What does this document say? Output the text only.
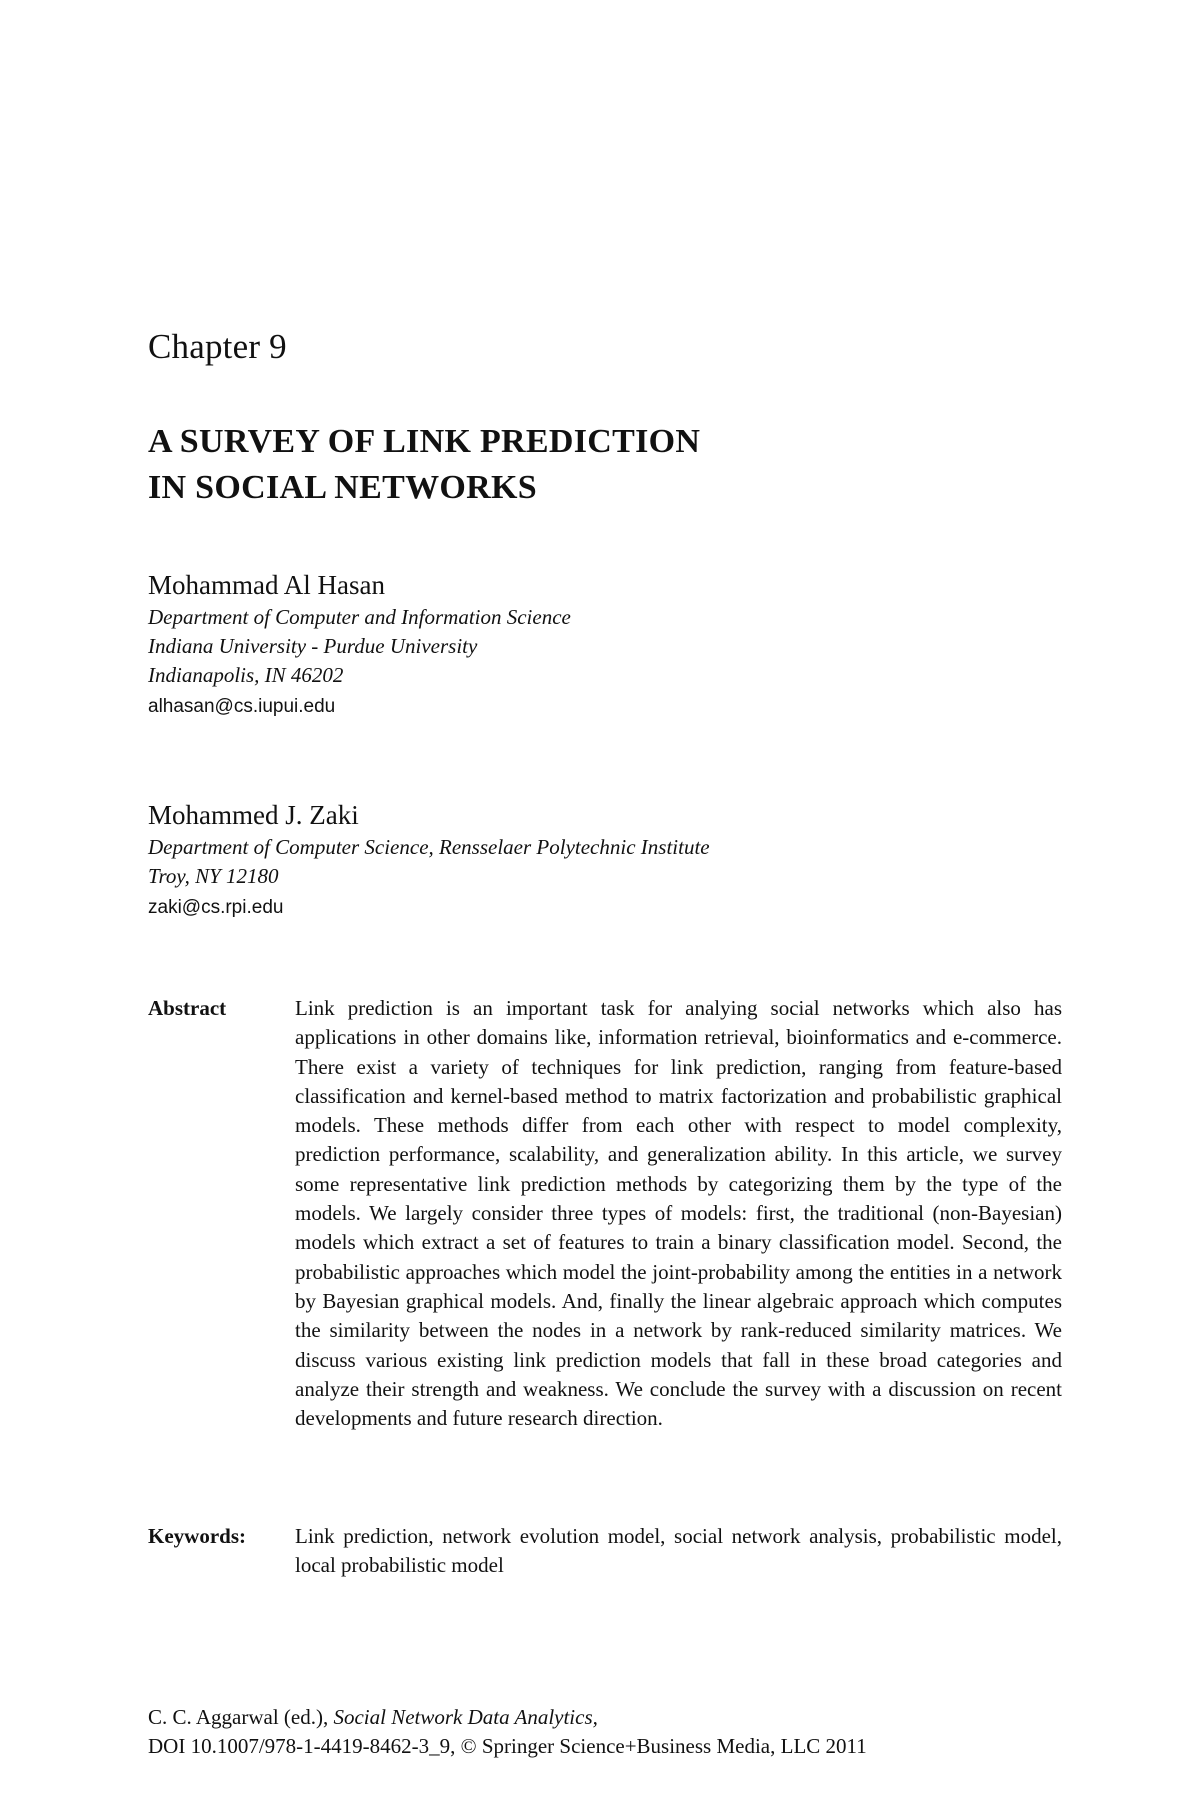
Chapter 9
A SURVEY OF LINK PREDICTION
IN SOCIAL NETWORKS
Mohammad Al Hasan
Department of Computer and Information Science
Indiana University - Purdue University
Indianapolis, IN 46202
alhasan@cs.iupui.edu
Mohammed J. Zaki
Department of Computer Science, Rensselaer Polytechnic Institute
Troy, NY 12180
zaki@cs.rpi.edu
Abstract	Link prediction is an important task for analying social networks which also has applications in other domains like, information retrieval, bioinformatics and e-commerce. There exist a variety of techniques for link prediction, ranging from feature-based classification and kernel-based method to matrix factorization and probabilistic graphical models. These methods differ from each other with respect to model complexity, prediction performance, scalability, and generalization ability. In this article, we survey some representative link prediction methods by categorizing them by the type of the models. We largely consider three types of models: first, the traditional (non-Bayesian) models which extract a set of features to train a binary classification model. Second, the probabilistic approaches which model the joint-probability among the entities in a network by Bayesian graphical models. And, finally the linear algebraic approach which computes the similarity between the nodes in a network by rank-reduced similarity matrices. We discuss various existing link prediction models that fall in these broad categories and analyze their strength and weakness. We conclude the survey with a discussion on recent developments and future research direction.
Keywords: Link prediction, network evolution model, social network analysis, probabilistic model, local probabilistic model
C. C. Aggarwal (ed.), Social Network Data Analytics,
DOI 10.1007/978-1-4419-8462-3_9, © Springer Science+Business Media, LLC 2011
